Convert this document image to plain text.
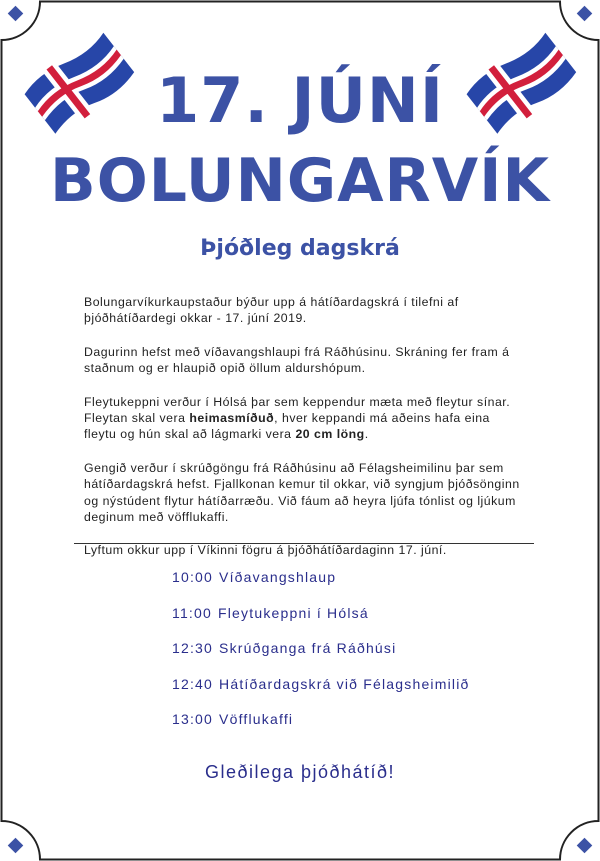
17. JÚNÍ
BOLUNGARVÍK
Þjóðleg dagskrá

Bolungarvíkurkaupstaður býður upp á hátíðardagskrá í tilefni af þjóðhátíðardegi okkar - 17. júní 2019.

Dagurinn hefst með víðavangshlaupi frá Ráðhúsinu. Skráning fer fram á staðnum og er hlaupið opið öllum aldurshópum.

Fleytukeppni verður í Hólsá þar sem keppendur mæta með fleytur sínar. Fleytan skal vera heimasmíðuð, hver keppandi má aðeins hafa eina fleytu og hún skal að lágmarki vera 20 cm löng.

Gengið verður í skrúðgöngu frá Ráðhúsinu að Félagsheimilinu þar sem hátíðardagskrá hefst. Fjallkonan kemur til okkar, við syngjum þjóðsönginn og nýstúdent flytur hátíðarræðu. Við fáum að heyra ljúfa tónlist og ljúkum deginum með vöfflukaffi.

Lyftum okkur upp í Víkinni fögru á þjóðhátíðardaginn 17. júní.

10:00 Víðavangshlaup
11:00 Fleytukeppni í Hólsá
12:30 Skrúðganga frá Ráðhúsi
12:40 Hátíðardagskrá við Félagsheimilið
13:00 Vöfflukaffi

Gleðilega þjóðhátíð!
